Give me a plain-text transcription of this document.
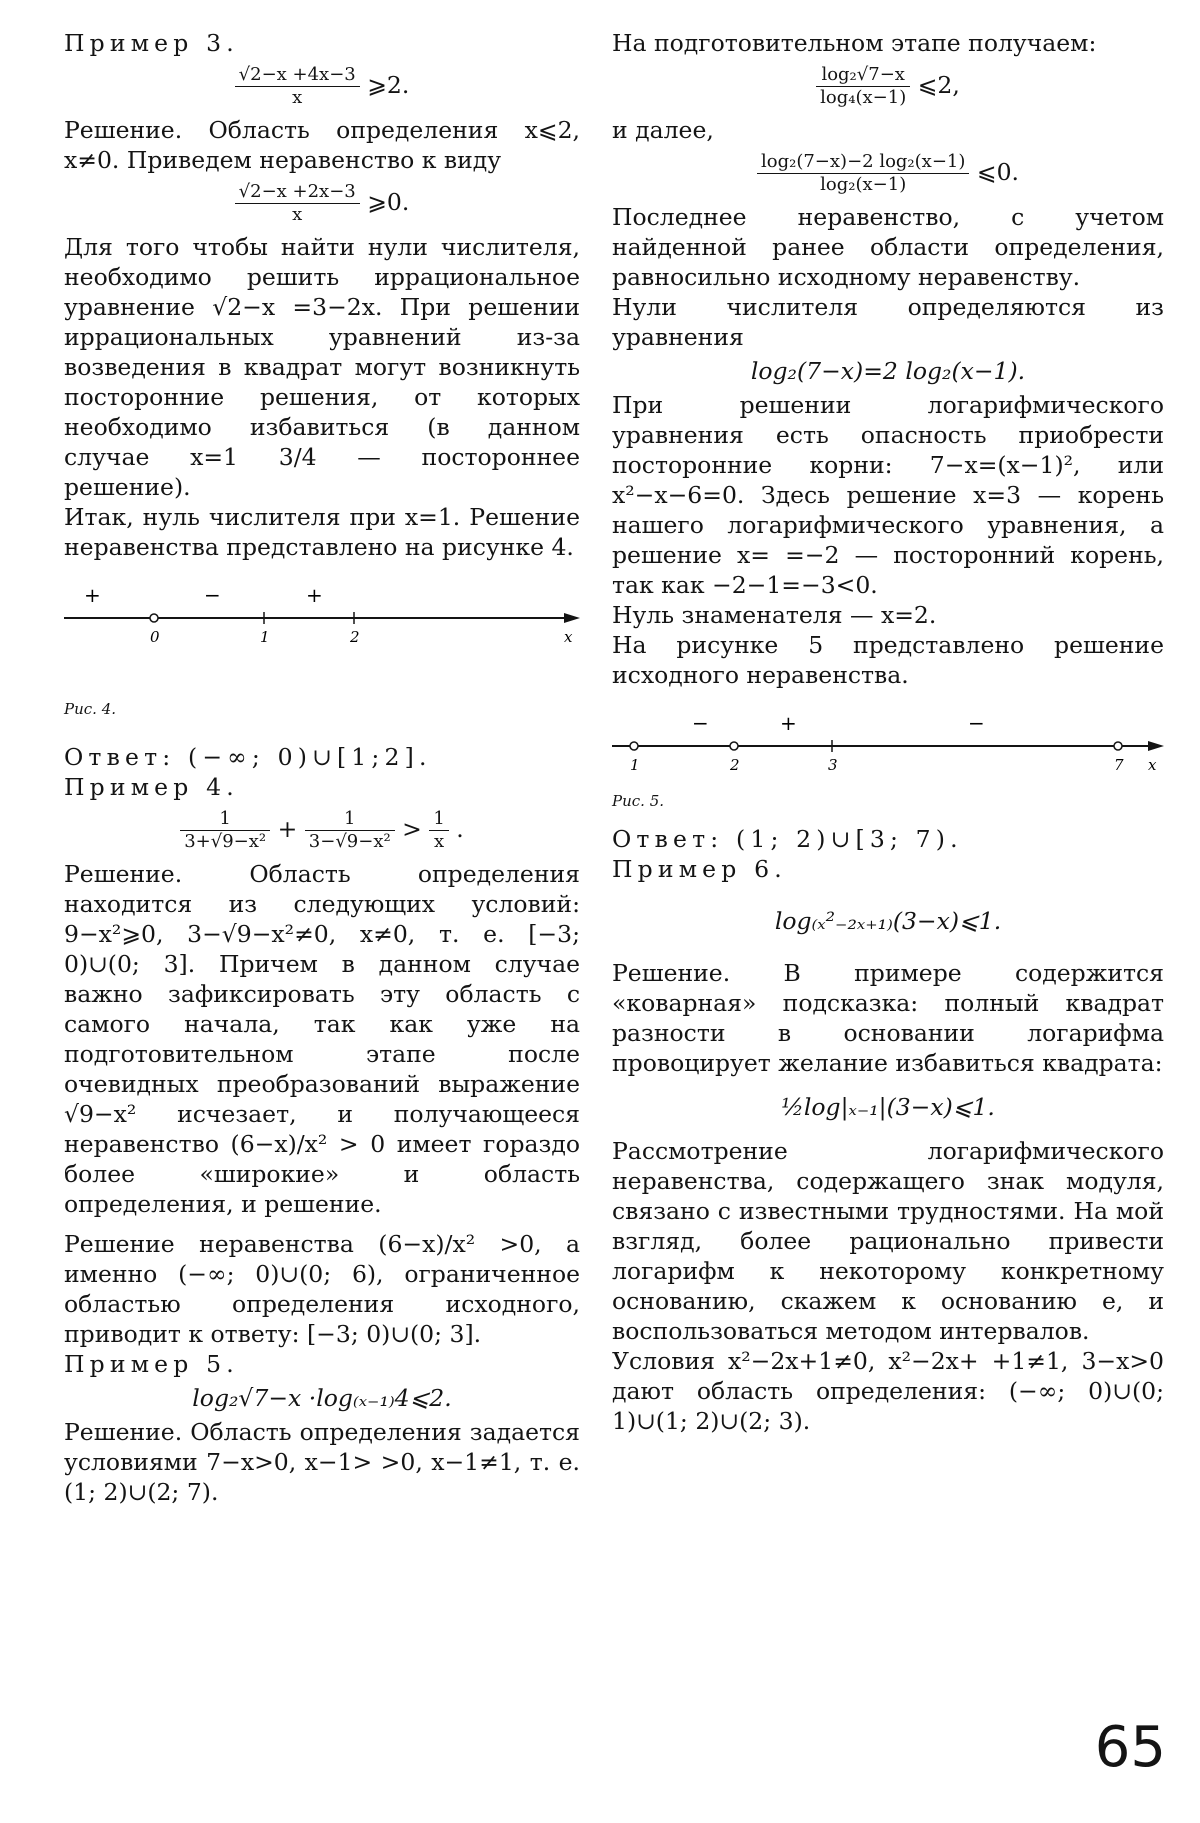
Пример 3.

$\frac{√2-x +4x-3}{x}$ ⩾2.

Решение. Область определения x⩽2, x≠0. Приведем неравенство к виду

$\frac{√2-x +2x-3}{x}$ ⩾0.

Для того чтобы найти нули числителя, необходимо решить иррациональное уравнение √2−x =3−2x. При решении иррациональных уравнений из-за возведения в квадрат могут возникнуть посторонние решения, от которых необходимо избавиться (в данном случае x=1 3/4 — постороннее решение).

Итак, нуль числителя при x=1. Решение неравенства представлено на рисунке 4.

+	−	+
0	1	2	x

Рис. 4.

Ответ: (−∞; 0)∪[1;2].

Пример 4.

$\frac{1}{\text{3+√9−x²}} + \frac{1}{\text{3−√9−x²}} > \frac{1}{x}$ .

Решение. Область определения находится из следующих условий: 9−x²⩾0, 3−√9−x²≠0, x≠0, т. е. [−3; 0)∪(0; 3]. Причем в данном случае важно зафиксировать эту область с самого начала, так как уже на подготовительном этапе после очевидных преобразований выражение √9−x² исчезает, и получающееся неравенство (6−x)/x² > 0 имеет гораздо более «широкие» и область определения, и решение.

Решение неравенства (6−x)/x² >0, а именно (−∞; 0)∪(0; 6), ограниченное областью определения исходного, приводит к ответу: [−3; 0)∪(0; 3].

Пример 5.

log₂√7−x ·log₍ₓ₋₁₎4⩽2.

Решение. Область определения задается условиями 7−x>0, x−1> >0, x−1≠1, т. е. (1; 2)∪(2; 7).

На подготовительном этапе получаем:

$\frac{\text{log₂√7−x}}{\text{log₄(x−1)}}$ ⩽2,

и далее,

$\frac{\text{log₂(7−x)−2 log₂(x−1)}}{\text{log₂(x−1)}}$ ⩽0.

Последнее неравенство, с учетом найденной ранее области определения, равносильно исходному неравенству.

Нули числителя определяются из уравнения

log₂(7−x)=2 log₂(x−1).

При решении логарифмического уравнения есть опасность приобрести посторонние корни: 7−x=(x−1)², или x²−x−6=0. Здесь решение x=3 — корень нашего логарифмического уравнения, а решение x= =−2 — посторонний корень, так как −2−1=−3<0.

Нуль знаменателя — x=2.

На рисунке 5 представлено решение исходного неравенства.

−	+	−
1	2	3	7 x

Рис. 5.

Ответ: (1; 2)∪[3; 7).

Пример 6.

log₍ₓ²₋₂ₓ₊₁₎(3−x)⩽1.

Решение. В примере содержится «коварная» подсказка: полный квадрат разности в основании логарифма провоцирует желание избавиться квадрата:

½log|ₓ₋₁|(3−x)⩽1.

Рассмотрение логарифмического неравенства, содержащего знак модуля, связано с известными трудностями. На мой взгляд, более рационально привести логарифм к некоторому конкретному основанию, скажем к основанию e, и воспользоваться методом интервалов.

Условия x²−2x+1≠0, x²−2x+ +1≠1, 3−x>0 дают область определения: (−∞; 0)∪(0; 1)∪(1; 2)∪(2; 3).

65
